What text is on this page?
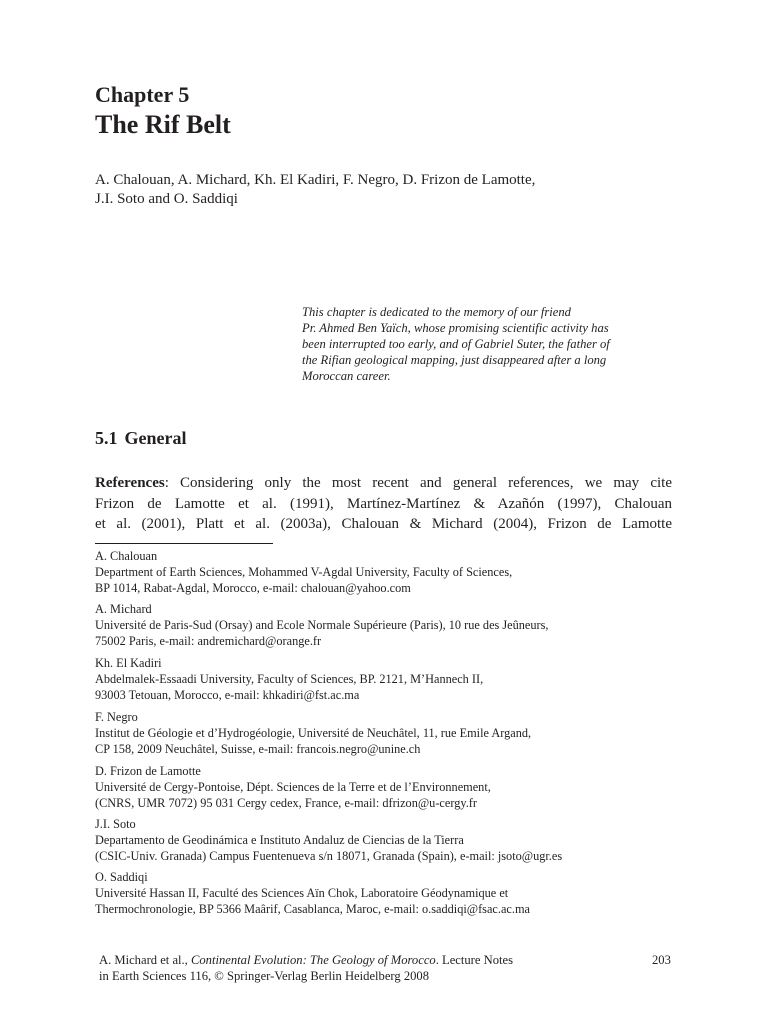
Chapter 5
The Rif Belt
A. Chalouan, A. Michard, Kh. El Kadiri, F. Negro, D. Frizon de Lamotte,
J.I. Soto and O. Saddiqi
This chapter is dedicated to the memory of our friend
Pr. Ahmed Ben Yaïch, whose promising scientific activity has
been interrupted too early, and of Gabriel Suter, the father of
the Rifian geological mapping, just disappeared after a long
Moroccan career.
5.1 General
References: Considering only the most recent and general references, we may cite
Frizon de Lamotte et al. (1991), Martínez-Martínez & Azañón (1997), Chalouan
et al. (2001), Platt et al. (2003a), Chalouan & Michard (2004), Frizon de Lamotte
A. Chalouan
Department of Earth Sciences, Mohammed V-Agdal University, Faculty of Sciences,
BP 1014, Rabat-Agdal, Morocco, e-mail: chalouan@yahoo.com
A. Michard
Université de Paris-Sud (Orsay) and Ecole Normale Supérieure (Paris), 10 rue des Jeûneurs,
75002 Paris, e-mail: andremichard@orange.fr
Kh. El Kadiri
Abdelmalek-Essaadi University, Faculty of Sciences, BP. 2121, M’Hannech II,
93003 Tetouan, Morocco, e-mail: khkadiri@fst.ac.ma
F. Negro
Institut de Géologie et d’Hydrogéologie, Université de Neuchâtel, 11, rue Emile Argand,
CP 158, 2009 Neuchâtel, Suisse, e-mail: francois.negro@unine.ch
D. Frizon de Lamotte
Université de Cergy-Pontoise, Dépt. Sciences de la Terre et de l’Environnement,
(CNRS, UMR 7072) 95 031 Cergy cedex, France, e-mail: dfrizon@u-cergy.fr
J.I. Soto
Departamento de Geodinámica e Instituto Andaluz de Ciencias de la Tierra
(CSIC-Univ. Granada) Campus Fuentenueva s/n 18071, Granada (Spain), e-mail: jsoto@ugr.es
O. Saddiqi
Université Hassan II, Faculté des Sciences Aïn Chok, Laboratoire Géodynamique et
Thermochronologie, BP 5366 Maârif, Casablanca, Maroc, e-mail: o.saddiqi@fsac.ac.ma
A. Michard et al., Continental Evolution: The Geology of Morocco. Lecture Notes
in Earth Sciences 116, © Springer-Verlag Berlin Heidelberg 2008
203
